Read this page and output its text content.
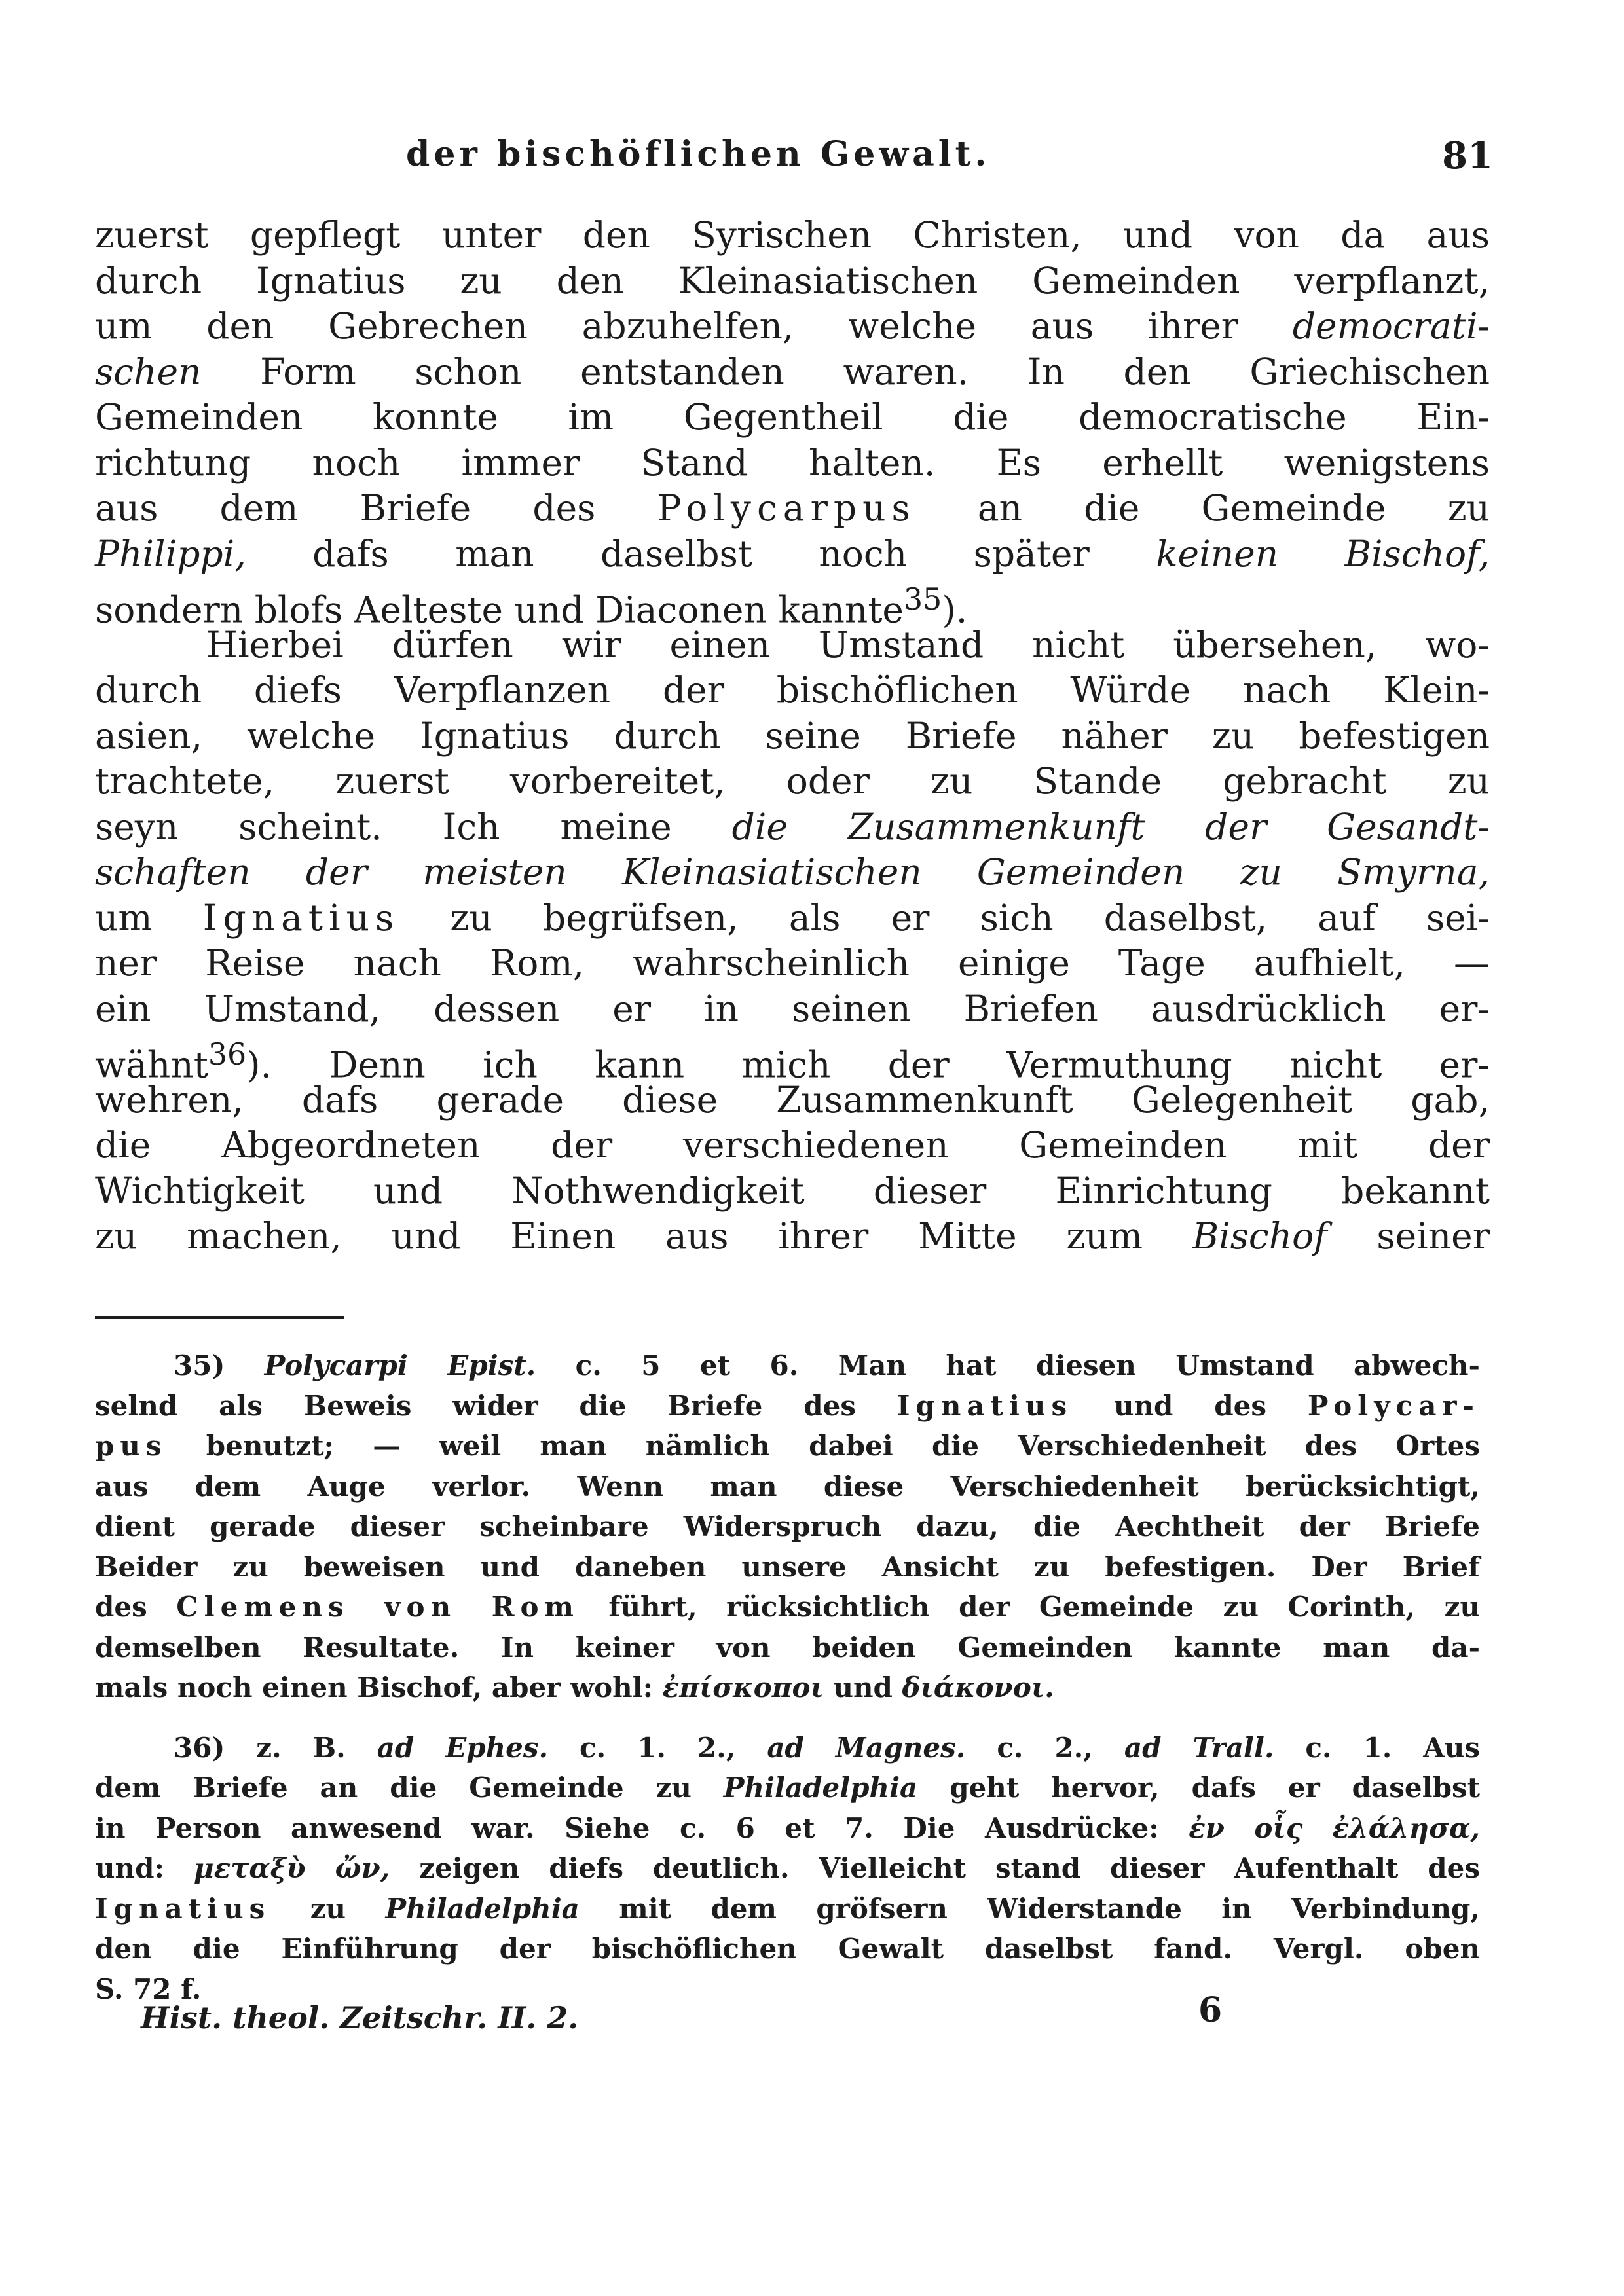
der bischöflichen Gewalt.	81
zuerst gepflegt unter den Syrischen Christen, und von da aus
durch Ignatius zu den Kleinasiatischen Gemeinden verpflanzt,
um den Gebrechen abzuhelfen, welche aus ihrer democrati-
schen Form schon entstanden waren. In den Griechischen
Gemeinden konnte im Gegentheil die democratische Ein-
richtung noch immer Stand halten. Es erhellt wenigstens
aus dem Briefe des Polycarpus an die Gemeinde zu
Philippi, dafs man daselbst noch später keinen Bischof,
sondern blofs Aelteste und Diaconen kannte$^{35}$).
Hierbei dürfen wir einen Umstand nicht übersehen, wo-
durch diefs Verpflanzen der bischöflichen Würde nach Klein-
asien, welche Ignatius durch seine Briefe näher zu befestigen
trachtete, zuerst vorbereitet, oder zu Stande gebracht zu
seyn scheint. Ich meine die Zusammenkunft der Gesandt-
schaften der meisten Kleinasiatischen Gemeinden zu Smyrna,
um Ignatius zu begrüfsen, als er sich daselbst, auf sei-
ner Reise nach Rom, wahrscheinlich einige Tage aufhielt, —
ein Umstand, dessen er in seinen Briefen ausdrücklich er-
wähnt$^{36}$). Denn ich kann mich der Vermuthung nicht er-
wehren, dafs gerade diese Zusammenkunft Gelegenheit gab,
die Abgeordneten der verschiedenen Gemeinden mit der
Wichtigkeit und Nothwendigkeit dieser Einrichtung bekannt
zu machen, und Einen aus ihrer Mitte zum Bischof seiner
35) Polycarpi Epist. c. 5 et 6. Man hat diesen Umstand abwech-
selnd als Beweis wider die Briefe des Ignatius und des Polycar-
pus benutzt; — weil man nämlich dabei die Verschiedenheit des Ortes
aus dem Auge verlor. Wenn man diese Verschiedenheit berücksichtigt,
dient gerade dieser scheinbare Widerspruch dazu, die Aechtheit der Briefe
Beider zu beweisen und daneben unsere Ansicht zu befestigen. Der Brief
des Clemens von Rom führt, rücksichtlich der Gemeinde zu Corinth, zu
demselben Resultate. In keiner von beiden Gemeinden kannte man da-
mals noch einen Bischof, aber wohl: ἐπίσκοποι und διάκονοι.
36) z. B. ad Ephes. c. 1. 2., ad Magnes. c. 2., ad Trall. c. 1. Aus
dem Briefe an die Gemeinde zu Philadelphia geht hervor, dafs er daselbst
in Person anwesend war. Siehe c. 6 et 7. Die Ausdrücke: ἐν οἷς ἐλάλησα,
und: μεταξὺ ὤν, zeigen diefs deutlich. Vielleicht stand dieser Aufenthalt des
Ignatius zu Philadelphia mit dem gröfsern Widerstande in Verbindung,
den die Einführung der bischöflichen Gewalt daselbst fand. Vergl. oben
S. 72 f.
Hist. theol. Zeitschr. II. 2.	6
